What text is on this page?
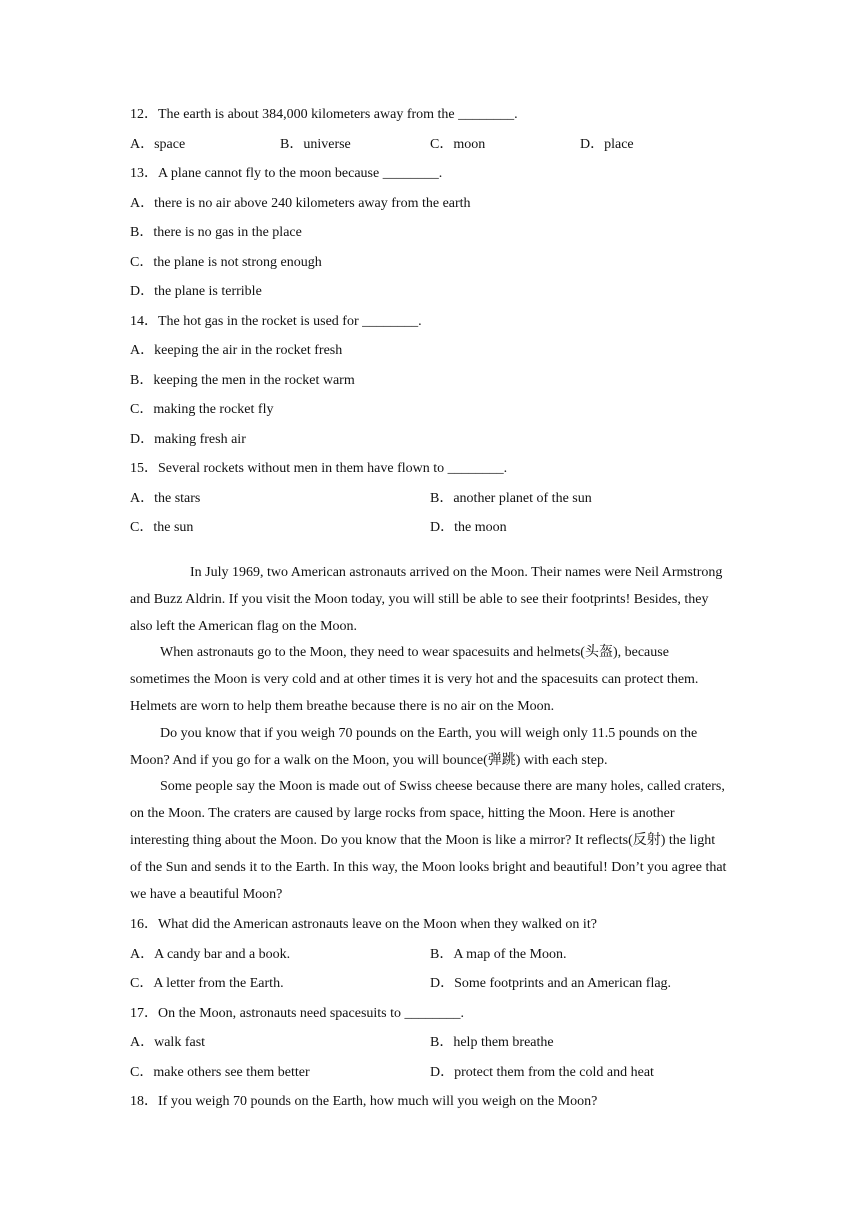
12．The earth is about 384,000 kilometers away from the ________.
A．space	B．universe	C．moon	D．place
13．A plane cannot fly to the moon because ________.
A．there is no air above 240 kilometers away from the earth
B．there is no gas in the place
C．the plane is not strong enough
D．the plane is terrible
14．The hot gas in the rocket is used for ________.
A．keeping the air in the rocket fresh
B．keeping the men in the rocket warm
C．making the rocket fly
D．making fresh air
15．Several rockets without men in them have flown to ________.
A．the stars	B．another planet of the sun
C．the sun	D．the moon

In July 1969, two American astronauts arrived on the Moon. Their names were Neil Armstrong and Buzz Aldrin. If you visit the Moon today, you will still be able to see their footprints! Besides, they also left the American flag on the Moon.

When astronauts go to the Moon, they need to wear spacesuits and helmets(头盔), because sometimes the Moon is very cold and at other times it is very hot and the spacesuits can protect them. Helmets are worn to help them breathe because there is no air on the Moon.

Do you know that if you weigh 70 pounds on the Earth, you will weigh only 11.5 pounds on the Moon? And if you go for a walk on the Moon, you will bounce(弹跳) with each step.

Some people say the Moon is made out of Swiss cheese because there are many holes, called craters, on the Moon. The craters are caused by large rocks from space, hitting the Moon. Here is another interesting thing about the Moon. Do you know that the Moon is like a mirror? It reflects(反射) the light of the Sun and sends it to the Earth. In this way, the Moon looks bright and beautiful! Don’t you agree that we have a beautiful Moon?

16．What did the American astronauts leave on the Moon when they walked on it?
A．A candy bar and a book.	B．A map of the Moon.
C．A letter from the Earth.	D．Some footprints and an American flag.
17．On the Moon, astronauts need spacesuits to ________.
A．walk fast	B．help them breathe
C．make others see them better	D．protect them from the cold and heat
18．If you weigh 70 pounds on the Earth, how much will you weigh on the Moon?
